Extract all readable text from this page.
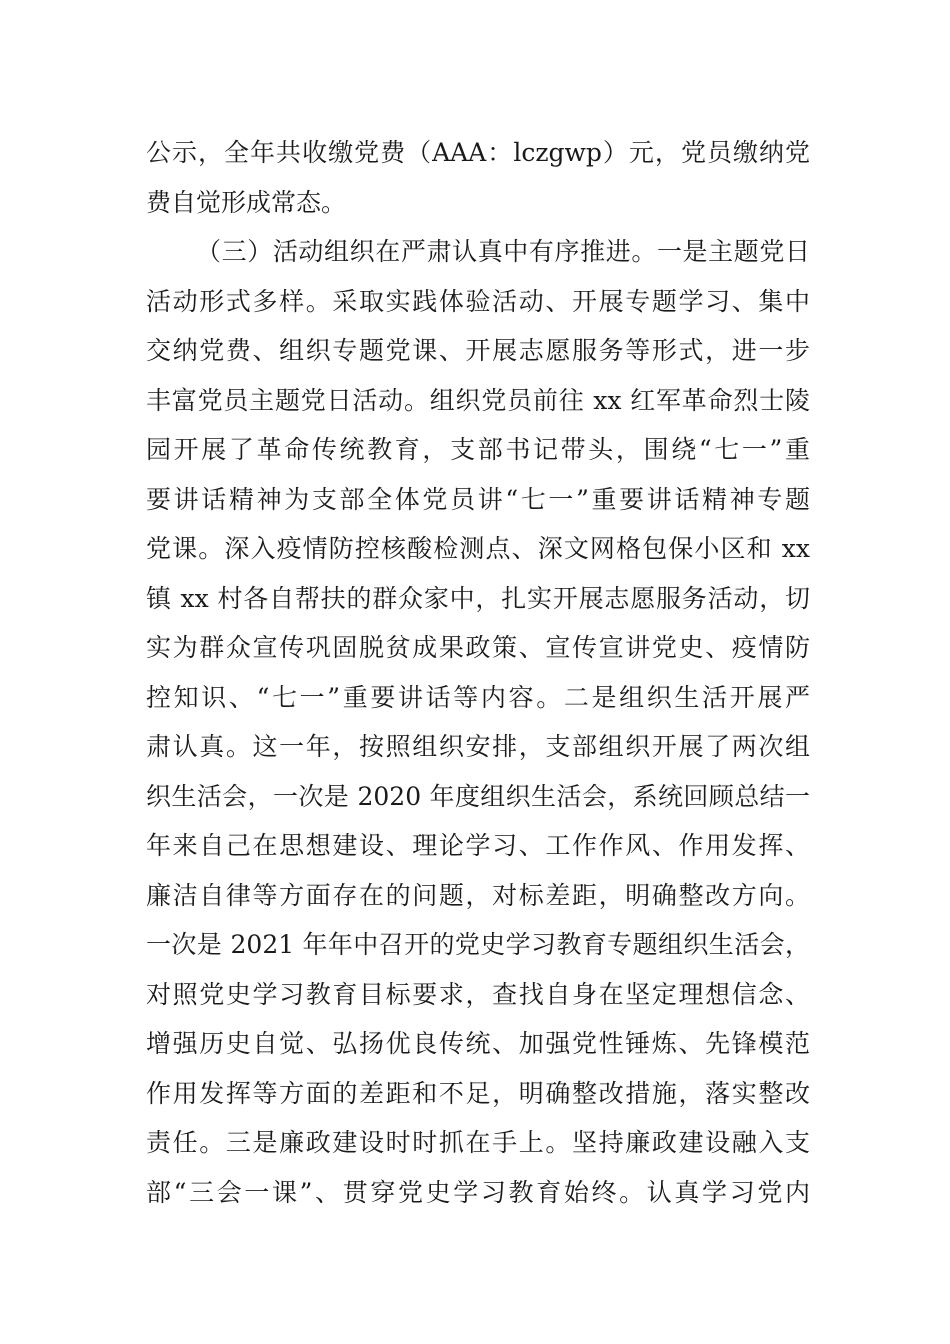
公示，全年共收缴党费（AAA：lczgwp）元，党员缴纳党
费自觉形成常态。
（三）活动组织在严肃认真中有序推进。一是主题党日
活动形式多样。采取实践体验活动、开展专题学习、集中
交纳党费、组织专题党课、开展志愿服务等形式，进一步
丰富党员主题党日活动。组织党员前往 xx 红军革命烈士陵
园开展了革命传统教育，支部书记带头，围绕“七一”重
要讲话精神为支部全体党员讲“七一”重要讲话精神专题
党课。深入疫情防控核酸检测点、深文网格包保小区和 xx
镇 xx 村各自帮扶的群众家中，扎实开展志愿服务活动，切
实为群众宣传巩固脱贫成果政策、宣传宣讲党史、疫情防
控知识、“七一”重要讲话等内容。二是组织生活开展严
肃认真。这一年，按照组织安排，支部组织开展了两次组
织生活会，一次是 2020 年度组织生活会，系统回顾总结一
年来自己在思想建设、理论学习、工作作风、作用发挥、
廉洁自律等方面存在的问题，对标差距，明确整改方向。
一次是 2021 年年中召开的党史学习教育专题组织生活会，
对照党史学习教育目标要求，查找自身在坚定理想信念、
增强历史自觉、弘扬优良传统、加强党性锤炼、先锋模范
作用发挥等方面的差距和不足，明确整改措施，落实整改
责任。三是廉政建设时时抓在手上。坚持廉政建设融入支
部“三会一课”、贯穿党史学习教育始终。认真学习党内
